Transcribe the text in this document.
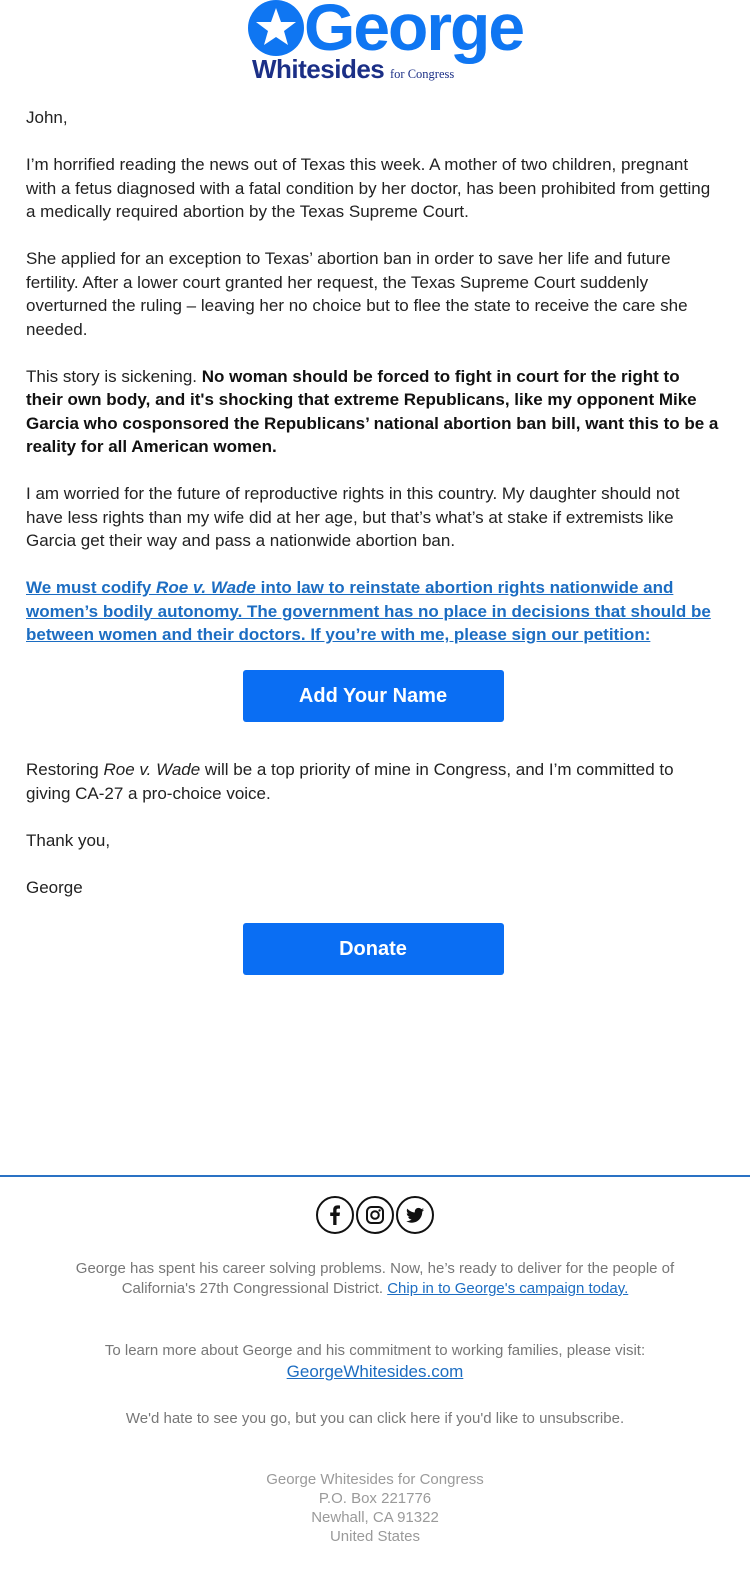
George
Whitesides for Congress

John,

I’m horrified reading the news out of Texas this week. A mother of two children, pregnant with a fetus diagnosed with a fatal condition by her doctor, has been prohibited from getting a medically required abortion by the Texas Supreme Court.

She applied for an exception to Texas’ abortion ban in order to save her life and future fertility. After a lower court granted her request, the Texas Supreme Court suddenly overturned the ruling – leaving her no choice but to flee the state to receive the care she needed.

This story is sickening. No woman should be forced to fight in court for the right to their own body, and it's shocking that extreme Republicans, like my opponent Mike Garcia who cosponsored the Republicans’ national abortion ban bill, want this to be a reality for all American women.

I am worried for the future of reproductive rights in this country. My daughter should not have less rights than my wife did at her age, but that’s what’s at stake if extremists like Garcia get their way and pass a nationwide abortion ban.

We must codify Roe v. Wade into law to reinstate abortion rights nationwide and women’s bodily autonomy. The government has no place in decisions that should be between women and their doctors. If you’re with me, please sign our petition:

Add Your Name

Restoring Roe v. Wade will be a top priority of mine in Congress, and I’m committed to giving CA-27 a pro-choice voice.

Thank you,

George

Donate

George has spent his career solving problems. Now, he’s ready to deliver for the people of California's 27th Congressional District. Chip in to George's campaign today.
To learn more about George and his commitment to working families, please visit:
GeorgeWhitesides.com
We'd hate to see you go, but you can click here if you'd like to unsubscribe.
George Whitesides for Congress
P.O. Box 221776
Newhall, CA 91322
United States
